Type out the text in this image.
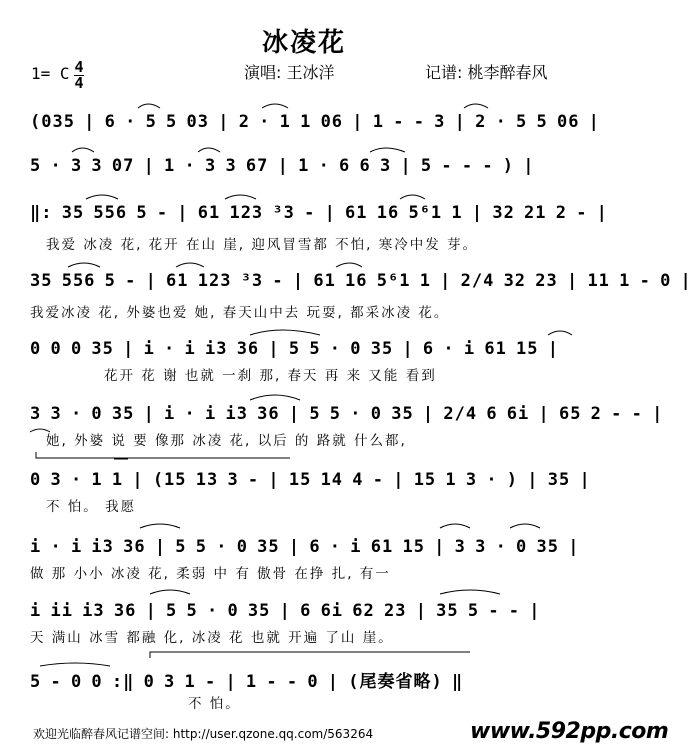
冰凌花
1= C 4
4
演唱: 王冰洋	记谱: 桃李醉春风
(035 | 6 · 5 5 03 | 2 · 1 1 06 | 1 - - 3 | 2 · 5 5 06 |
5 · 3 3 07 | 1 · 3 3 67 | 1 · 6 6 3 | 5 - - - ) |
‖: 35 556 5 - | 61 123 ³3 - | 61 16 5⁶1 1 | 32 21 2 - |
我爱 冰凌 花, 花开 在山 崖, 迎风冒雪都 不怕, 寒冷中发 芽。
35 556 5 - | 61 123 ³3 - | 61 16 5⁶1 1 | 2/4 32 23 | 11 1 - 0 |
我爱冰凌 花, 外婆也爱 她, 春天山中去 玩耍, 都采冰凌 花。
0 0 0 35 | i · i i3 36 | 5 5 · 0 35 | 6 · i 61 15 |
花开 花 谢 也就 一刹 那, 春天 再 来 又能 看到
3 3 · 0 35 | i · i i3 36 | 5 5 · 0 35 | 2/4 6 6i | 65 2 - - |
她, 外婆 说 要 像那 冰凌 花, 以后 的 路就 什么都,
0 3 · 1 1 | (15 13 3 - | 15 14 4 - | 15 1 3 · ) | 35 |
不 怕。 我愿
i · i i3 36 | 5 5 · 0 35 | 6 · i 61 15 | 3 3 · 0 35 |
做 那 小小 冰凌 花, 柔弱 中 有 傲骨 在挣 扎, 有一
i ii i3 36 | 5 5 · 0 35 | 6 6i 62 23 | 35 5 - - |
天 满山 冰雪 都融 化, 冰凌 花 也就 开遍 了山 崖。
5 - 0 0 :‖ 0 3 1 - | 1 - - 0 | (尾奏省略) ‖
不 怕。
欢迎光临醉春风记谱空间: http://user.qzone.qq.com/563264	www.592pp.com
